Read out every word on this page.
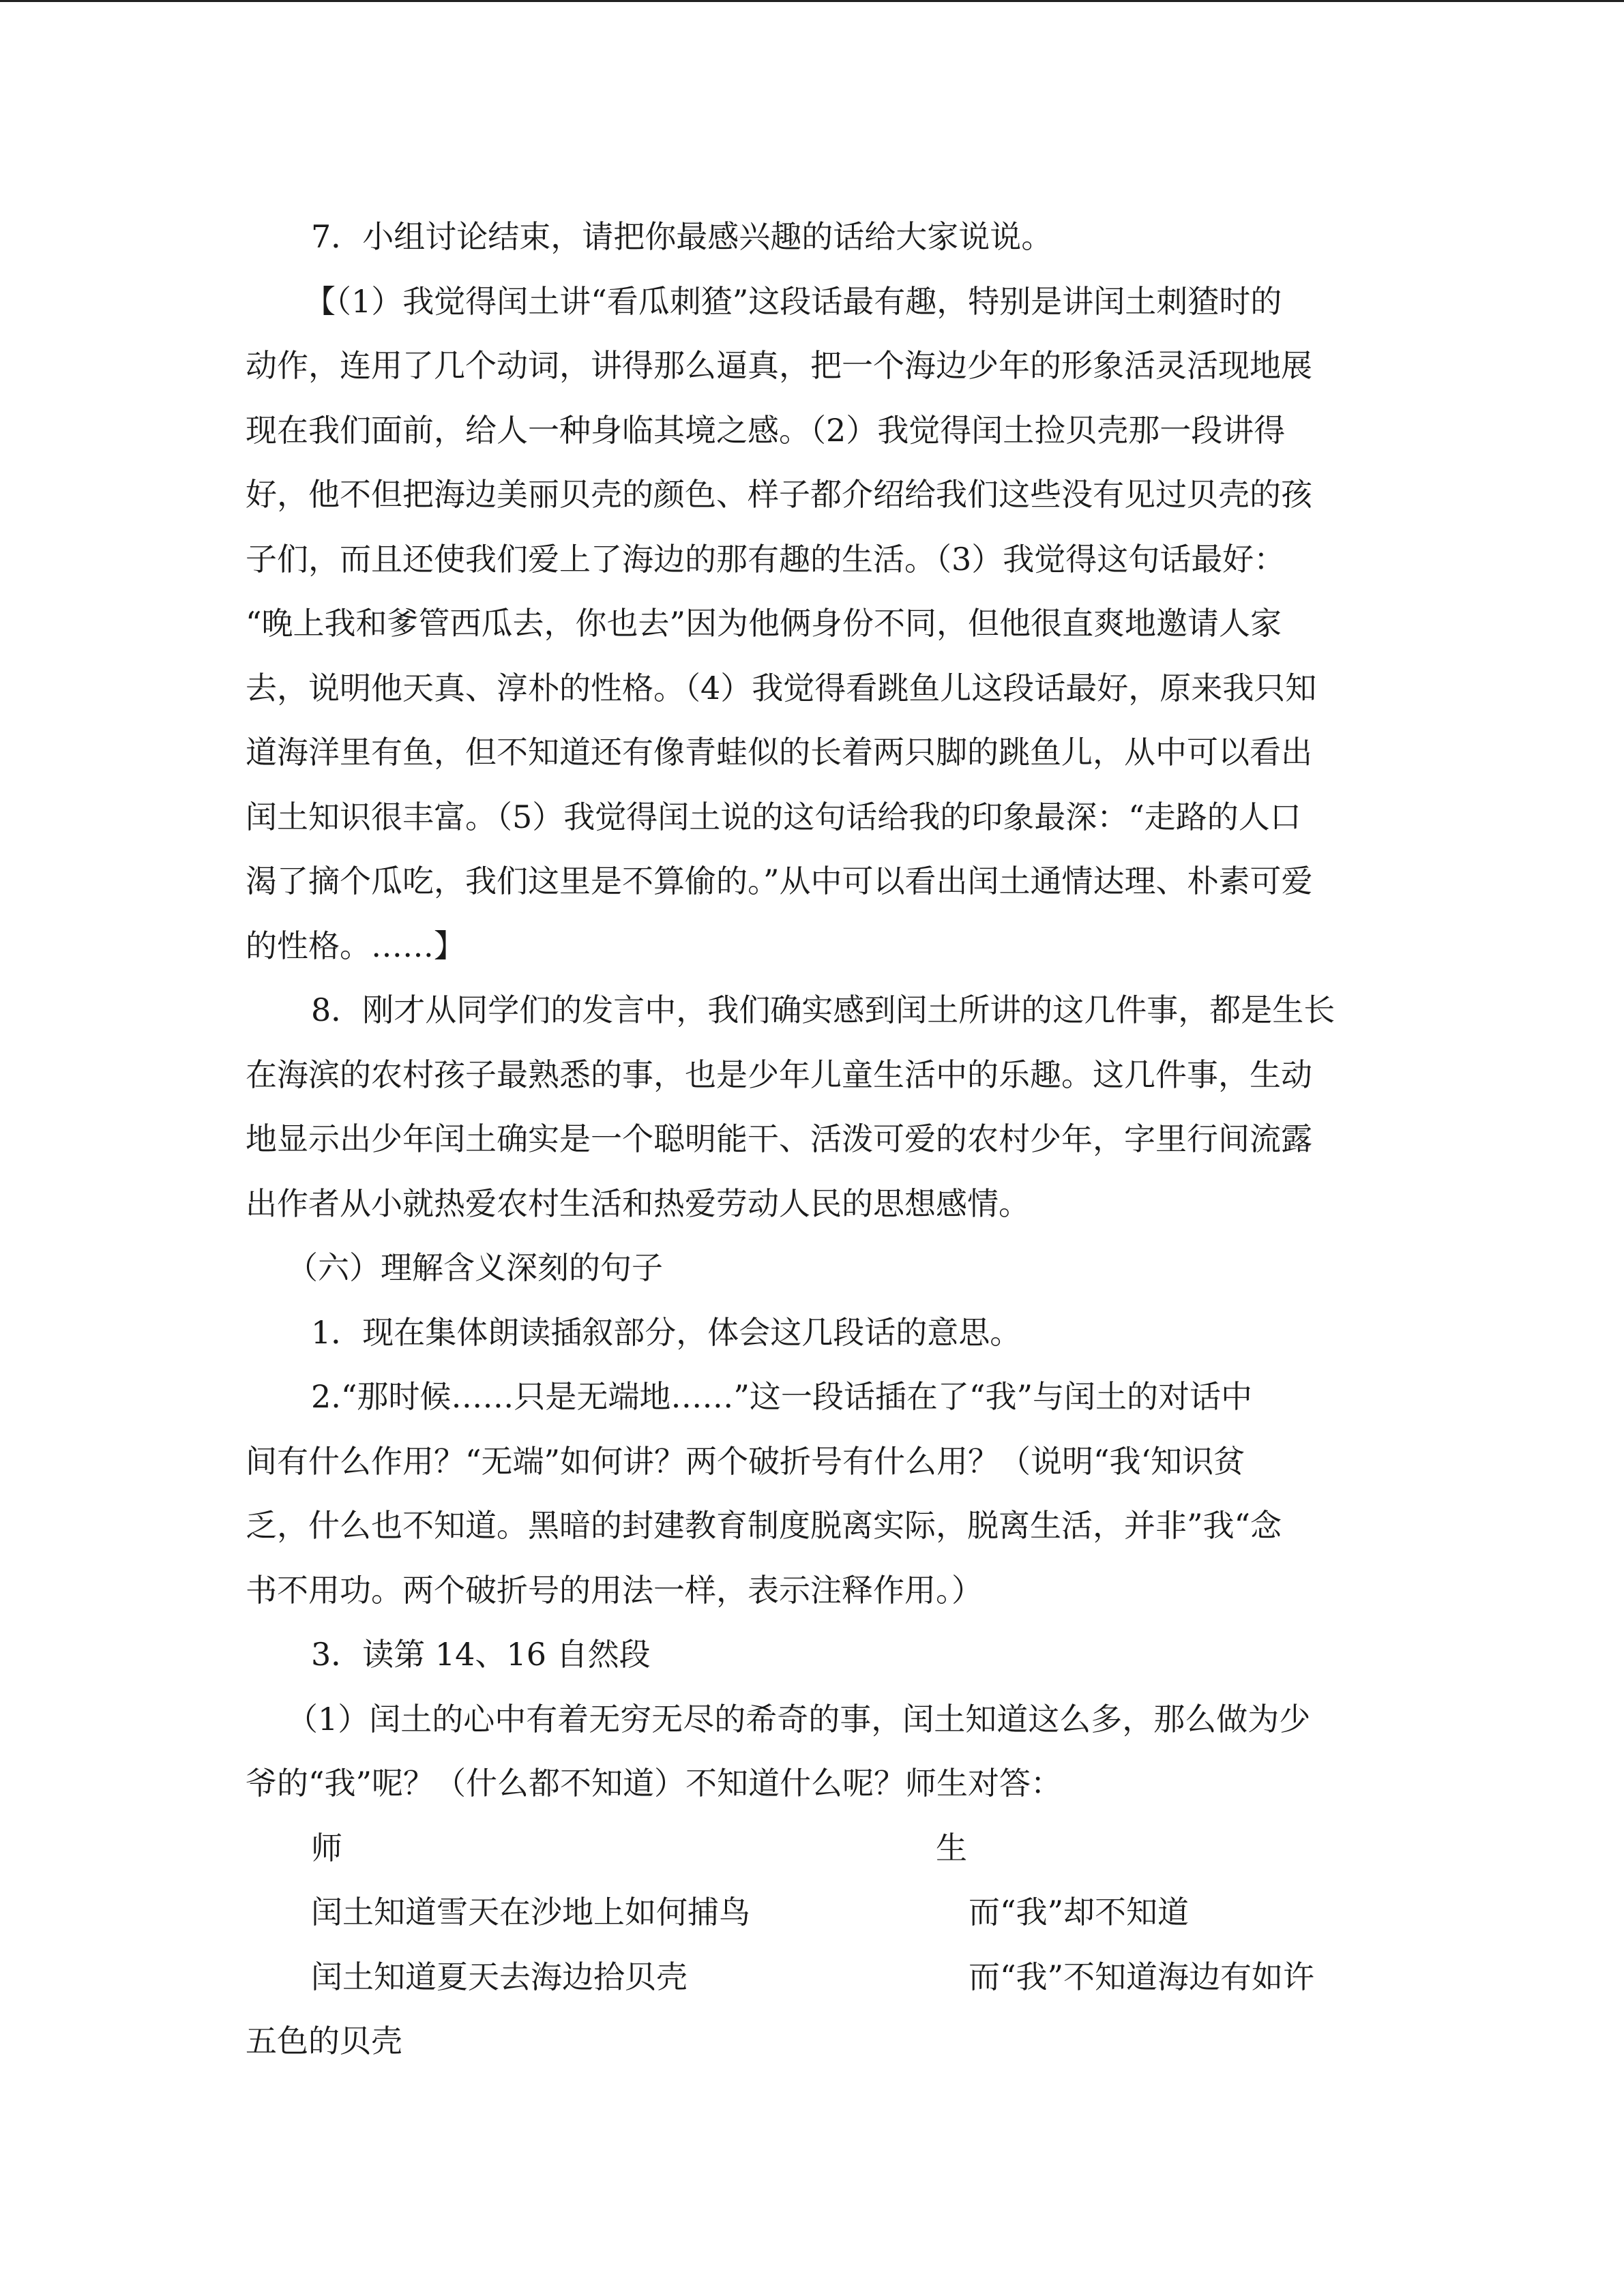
7．小组讨论结束，请把你最感兴趣的话给大家说说。

【（1）我觉得闰土讲“看瓜刺猹”这段话最有趣，特别是讲闰土刺猹时的

动作，连用了几个动词，讲得那么逼真，把一个海边少年的形象活灵活现地展

现在我们面前，给人一种身临其境之感。（2）我觉得闰土捡贝壳那一段讲得

好，他不但把海边美丽贝壳的颜色、样子都介绍给我们这些没有见过贝壳的孩

子们，而且还使我们爱上了海边的那有趣的生活。（3）我觉得这句话最好：

“晚上我和爹管西瓜去，你也去”因为他俩身份不同，但他很直爽地邀请人家

去，说明他天真、淳朴的性格。（4）我觉得看跳鱼儿这段话最好，原来我只知

道海洋里有鱼，但不知道还有像青蛙似的长着两只脚的跳鱼儿，从中可以看出

闰土知识很丰富。（5）我觉得闰土说的这句话给我的印象最深：“走路的人口

渴了摘个瓜吃，我们这里是不算偷的。”从中可以看出闰土通情达理、朴素可爱

的性格。……】

8．刚才从同学们的发言中，我们确实感到闰土所讲的这几件事，都是生长

在海滨的农村孩子最熟悉的事，也是少年儿童生活中的乐趣。这几件事，生动

地显示出少年闰土确实是一个聪明能干、活泼可爱的农村少年，字里行间流露

出作者从小就热爱农村生活和热爱劳动人民的思想感情。

（六）理解含义深刻的句子

1．现在集体朗读插叙部分，体会这几段话的意思。

2.“那时候……只是无端地……”这一段话插在了“我”与闰土的对话中

间有什么作用？“无端”如何讲？两个破折号有什么用？（说明“我‘知识贫

乏，什么也不知道。黑暗的封建教育制度脱离实际，脱离生活，并非”我“念

书不用功。两个破折号的用法一样，表示注释作用。）

3．读第 14、16 自然段

（1）闰土的心中有着无穷无尽的希奇的事，闰土知道这么多，那么做为少

爷的“我”呢？（什么都不知道）不知道什么呢？师生对答：

师	生
闰土知道雪天在沙地上如何捕鸟	而“我”却不知道
闰土知道夏天去海边拾贝壳	而“我”不知道海边有如许

五色的贝壳
